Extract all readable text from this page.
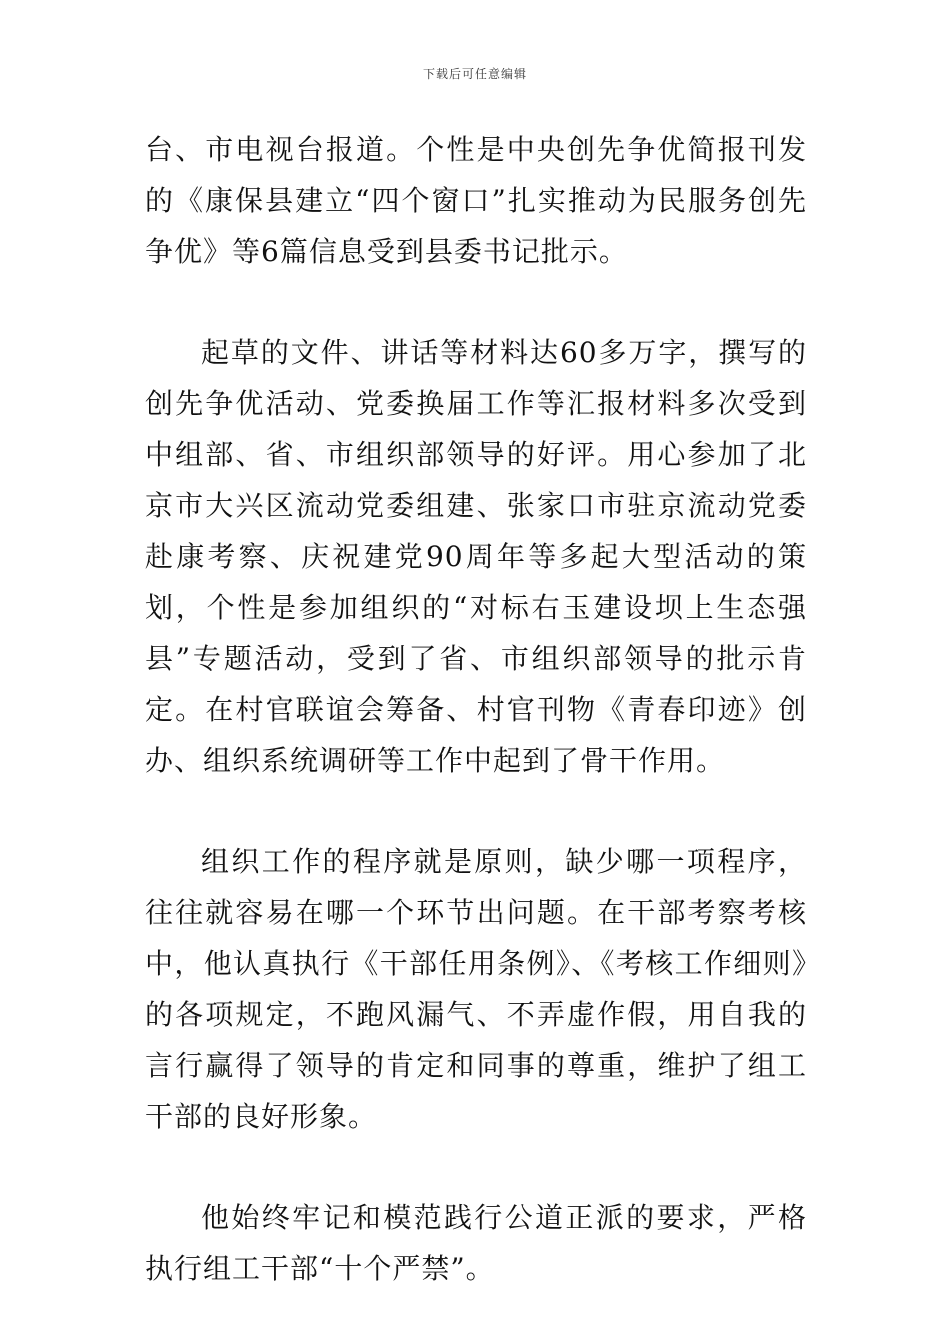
下载后可任意编辑

台、市电视台报道。个性是中央创先争优简报刊发的《康保县建立“四个窗口”扎实推动为民服务创先争优》等6篇信息受到县委书记批示。

起草的文件、讲话等材料达60多万字，撰写的创先争优活动、党委换届工作等汇报材料多次受到中组部、省、市组织部领导的好评。用心参加了北京市大兴区流动党委组建、张家口市驻京流动党委赴康考察、庆祝建党90周年等多起大型活动的策划，个性是参加组织的“对标右玉建设坝上生态强县”专题活动，受到了省、市组织部领导的批示肯定。在村官联谊会筹备、村官刊物《青春印迹》创办、组织系统调研等工作中起到了骨干作用。

组织工作的程序就是原则，缺少哪一项程序，往往就容易在哪一个环节出问题。在干部考察考核中，他认真执行《干部任用条例》、《考核工作细则》的各项规定，不跑风漏气、不弄虚作假，用自我的言行赢得了领导的肯定和同事的尊重，维护了组工干部的良好形象。

他始终牢记和模范践行公道正派的要求，严格执行组工干部“十个严禁”。
